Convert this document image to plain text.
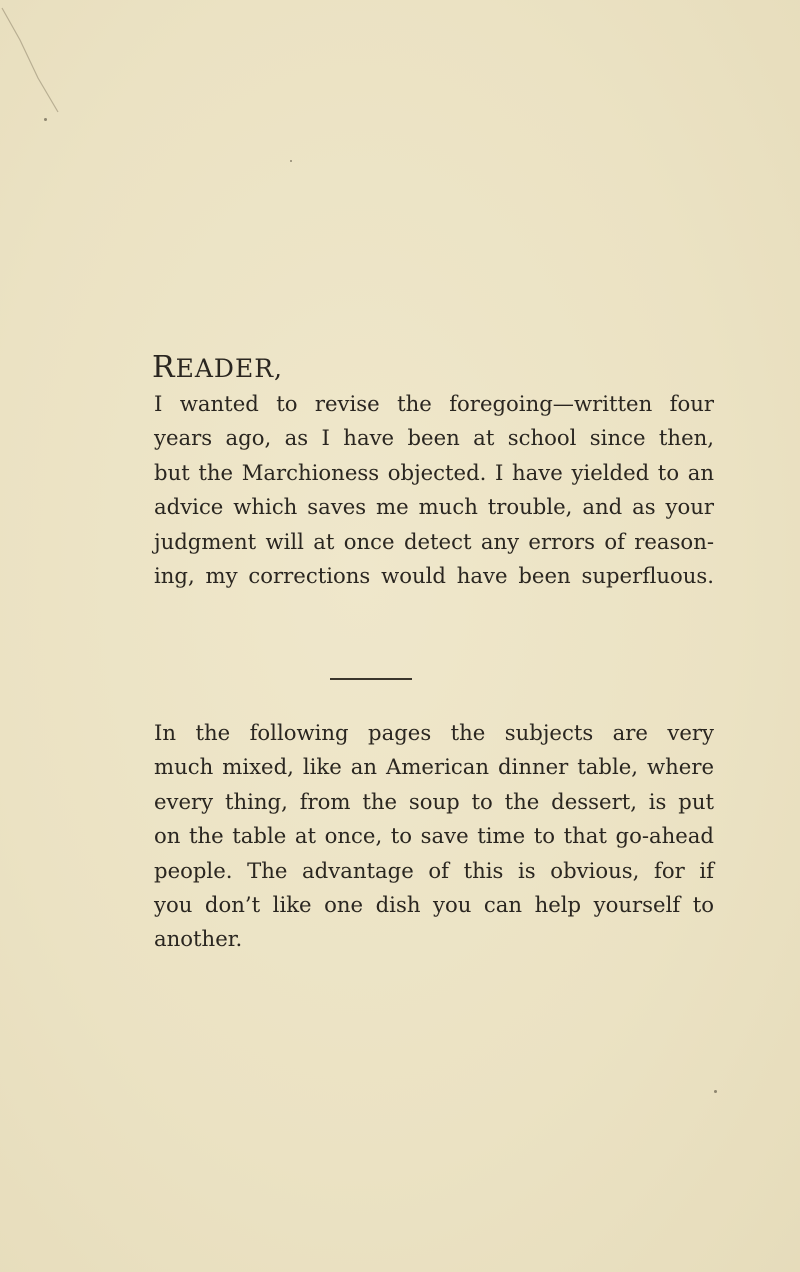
READER,
I wanted to revise the foregoing—written four
years ago, as I have been at school since then,
but the Marchioness objected. I have yielded to an
advice which saves me much trouble, and as your
judgment will at once detect any errors of reason-
ing, my corrections would have been superfluous.
In the following pages the subjects are very
much mixed, like an American dinner table, where
every thing, from the soup to the dessert, is put
on the table at once, to save time to that go-ahead
people. The advantage of this is obvious, for if
you don’t like one dish you can help yourself to
another.
